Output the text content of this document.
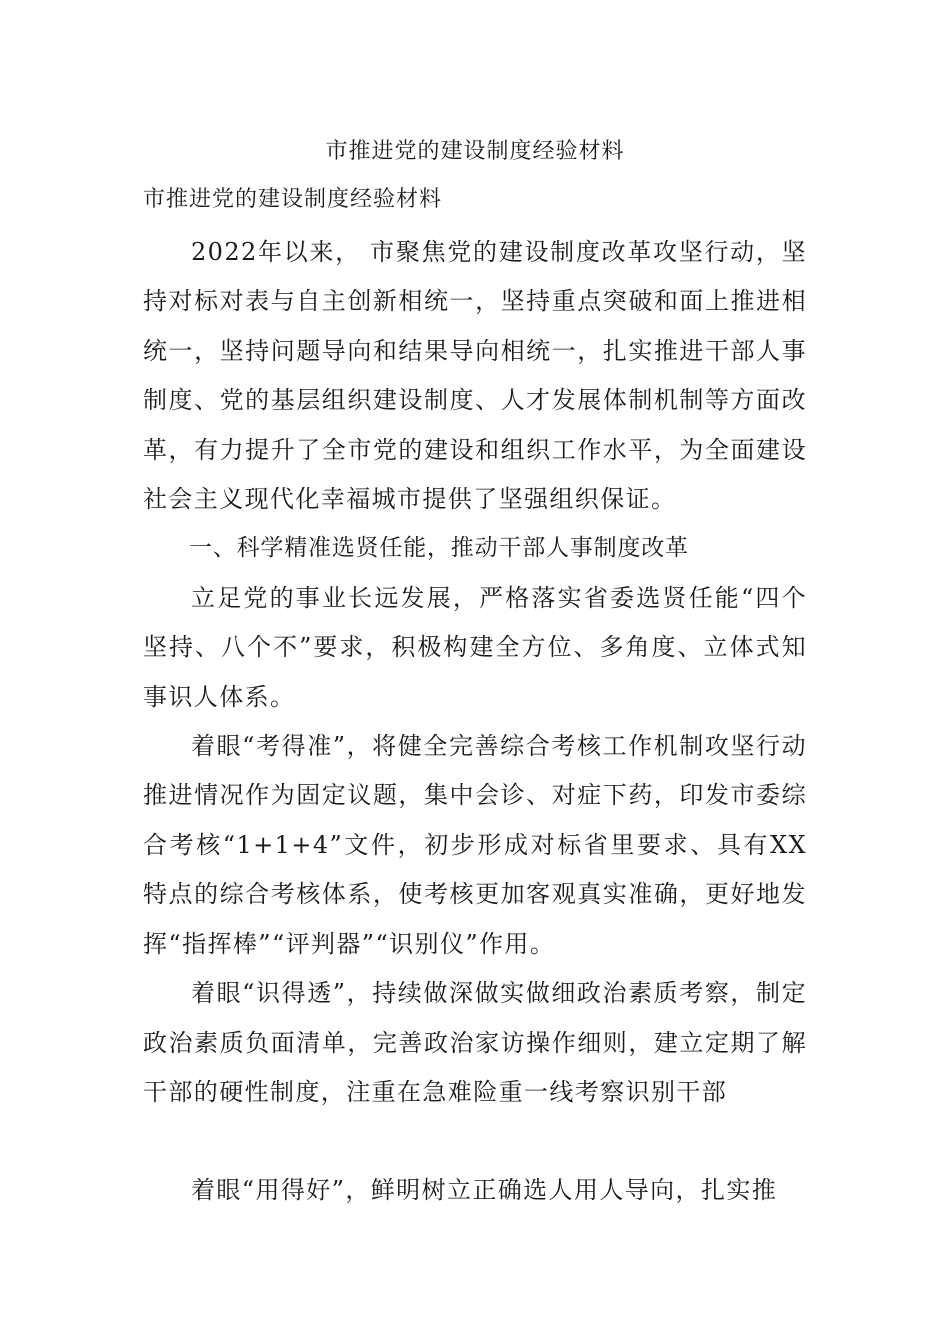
市推进党的建设制度经验材料
市推进党的建设制度经验材料

2022年以来， 市聚焦党的建设制度改革攻坚行动，坚持对标对表与自主创新相统一，坚持重点突破和面上推进相统一，坚持问题导向和结果导向相统一，扎实推进干部人事制度、党的基层组织建设制度、人才发展体制机制等方面改革，有力提升了全市党的建设和组织工作水平，为全面建设社会主义现代化幸福城市提供了坚强组织保证。

一、科学精准选贤任能，推动干部人事制度改革

立足党的事业长远发展，严格落实省委选贤任能“四个坚持、八个不”要求，积极构建全方位、多角度、立体式知事识人体系。

着眼“考得准”，将健全完善综合考核工作机制攻坚行动推进情况作为固定议题，集中会诊、对症下药，印发市委综合考核“1+1+4”文件，初步形成对标省里要求、具有XX特点的综合考核体系，使考核更加客观真实准确，更好地发挥“指挥棒”“评判器”“识别仪”作用。

着眼“识得透”，持续做深做实做细政治素质考察，制定政治素质负面清单，完善政治家访操作细则，建立定期了解干部的硬性制度，注重在急难险重一线考察识别干部

着眼“用得好”，鲜明树立正确选人用人导向，扎实推
